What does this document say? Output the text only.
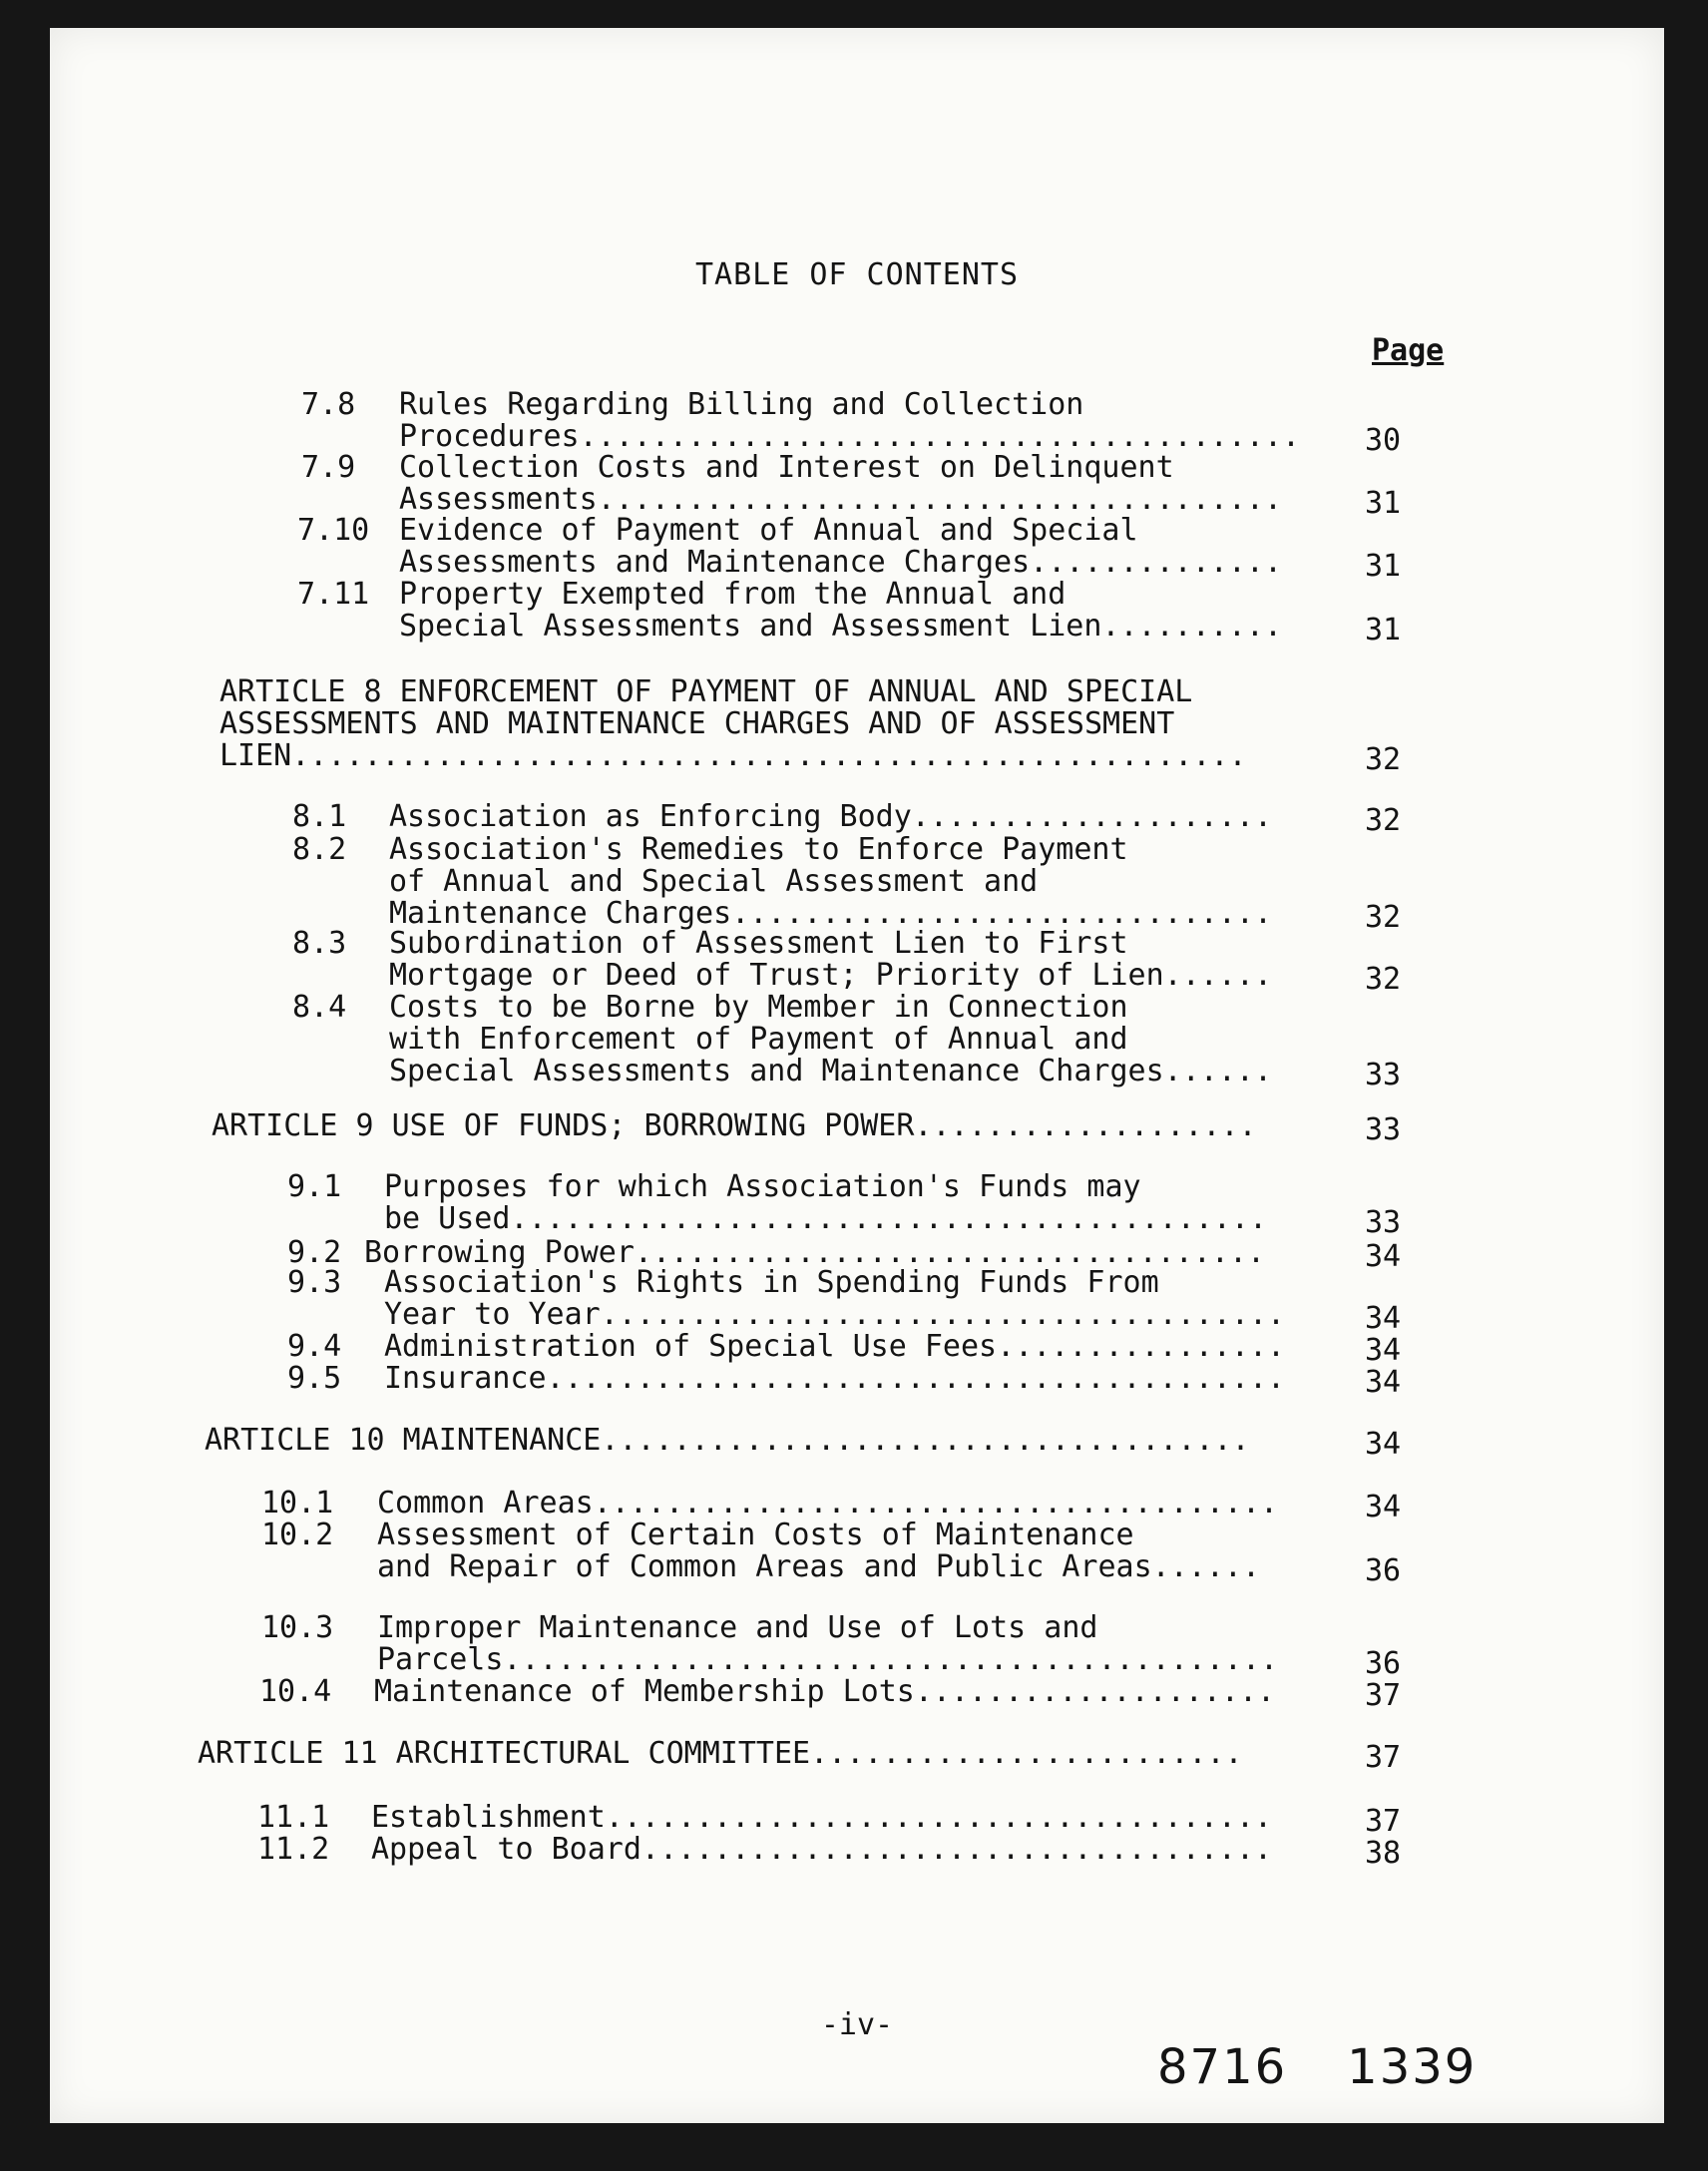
TABLE OF CONTENTS
Page
7.8 Rules Regarding Billing and Collection
Procedures........................................ 30
7.9 Collection Costs and Interest on Delinquent
Assessments......................................	31
7.10 Evidence of Payment of Annual and Special
Assessments and Maintenance Charges..............	31
7.11 Property Exempted from the Annual and
Special Assessments and Assessment Lien..........	31
ARTICLE 8 ENFORCEMENT OF PAYMENT OF ANNUAL AND SPECIAL
ASSESSMENTS AND MAINTENANCE CHARGES AND OF ASSESSMENT
LIEN.....................................................	32
8.1 Association as Enforcing Body....................	32
8.2 Association's Remedies to Enforce Payment
of Annual and Special Assessment and
Maintenance Charges..............................	32
8.3 Subordination of Assessment Lien to First
Mortgage or Deed of Trust; Priority of Lien......	32
8.4 Costs to be Borne by Member in Connection
with Enforcement of Payment of Annual and
Special Assessments and Maintenance Charges......	33
ARTICLE 9 USE OF FUNDS; BORROWING POWER...................	33
9.1 Purposes for which Association's Funds may
be Used..........................................	33
9.2 Borrowing Power...................................	34
9.3 Association's Rights in Spending Funds From
Year to Year......................................	34
9.4 Administration of Special Use Fees................	34
9.5 Insurance.........................................	34
ARTICLE 10 MAINTENANCE....................................	34
10.1 Common Areas......................................	34
10.2 Assessment of Certain Costs of Maintenance
and Repair of Common Areas and Public Areas......	36
10.3 Improper Maintenance and Use of Lots and
Parcels...........................................	36
10.4 Maintenance of Membership Lots....................	37
ARTICLE 11 ARCHITECTURAL COMMITTEE........................	37
11.1 Establishment.....................................	37
11.2 Appeal to Board...................................	38
-iv-
8716 1339
